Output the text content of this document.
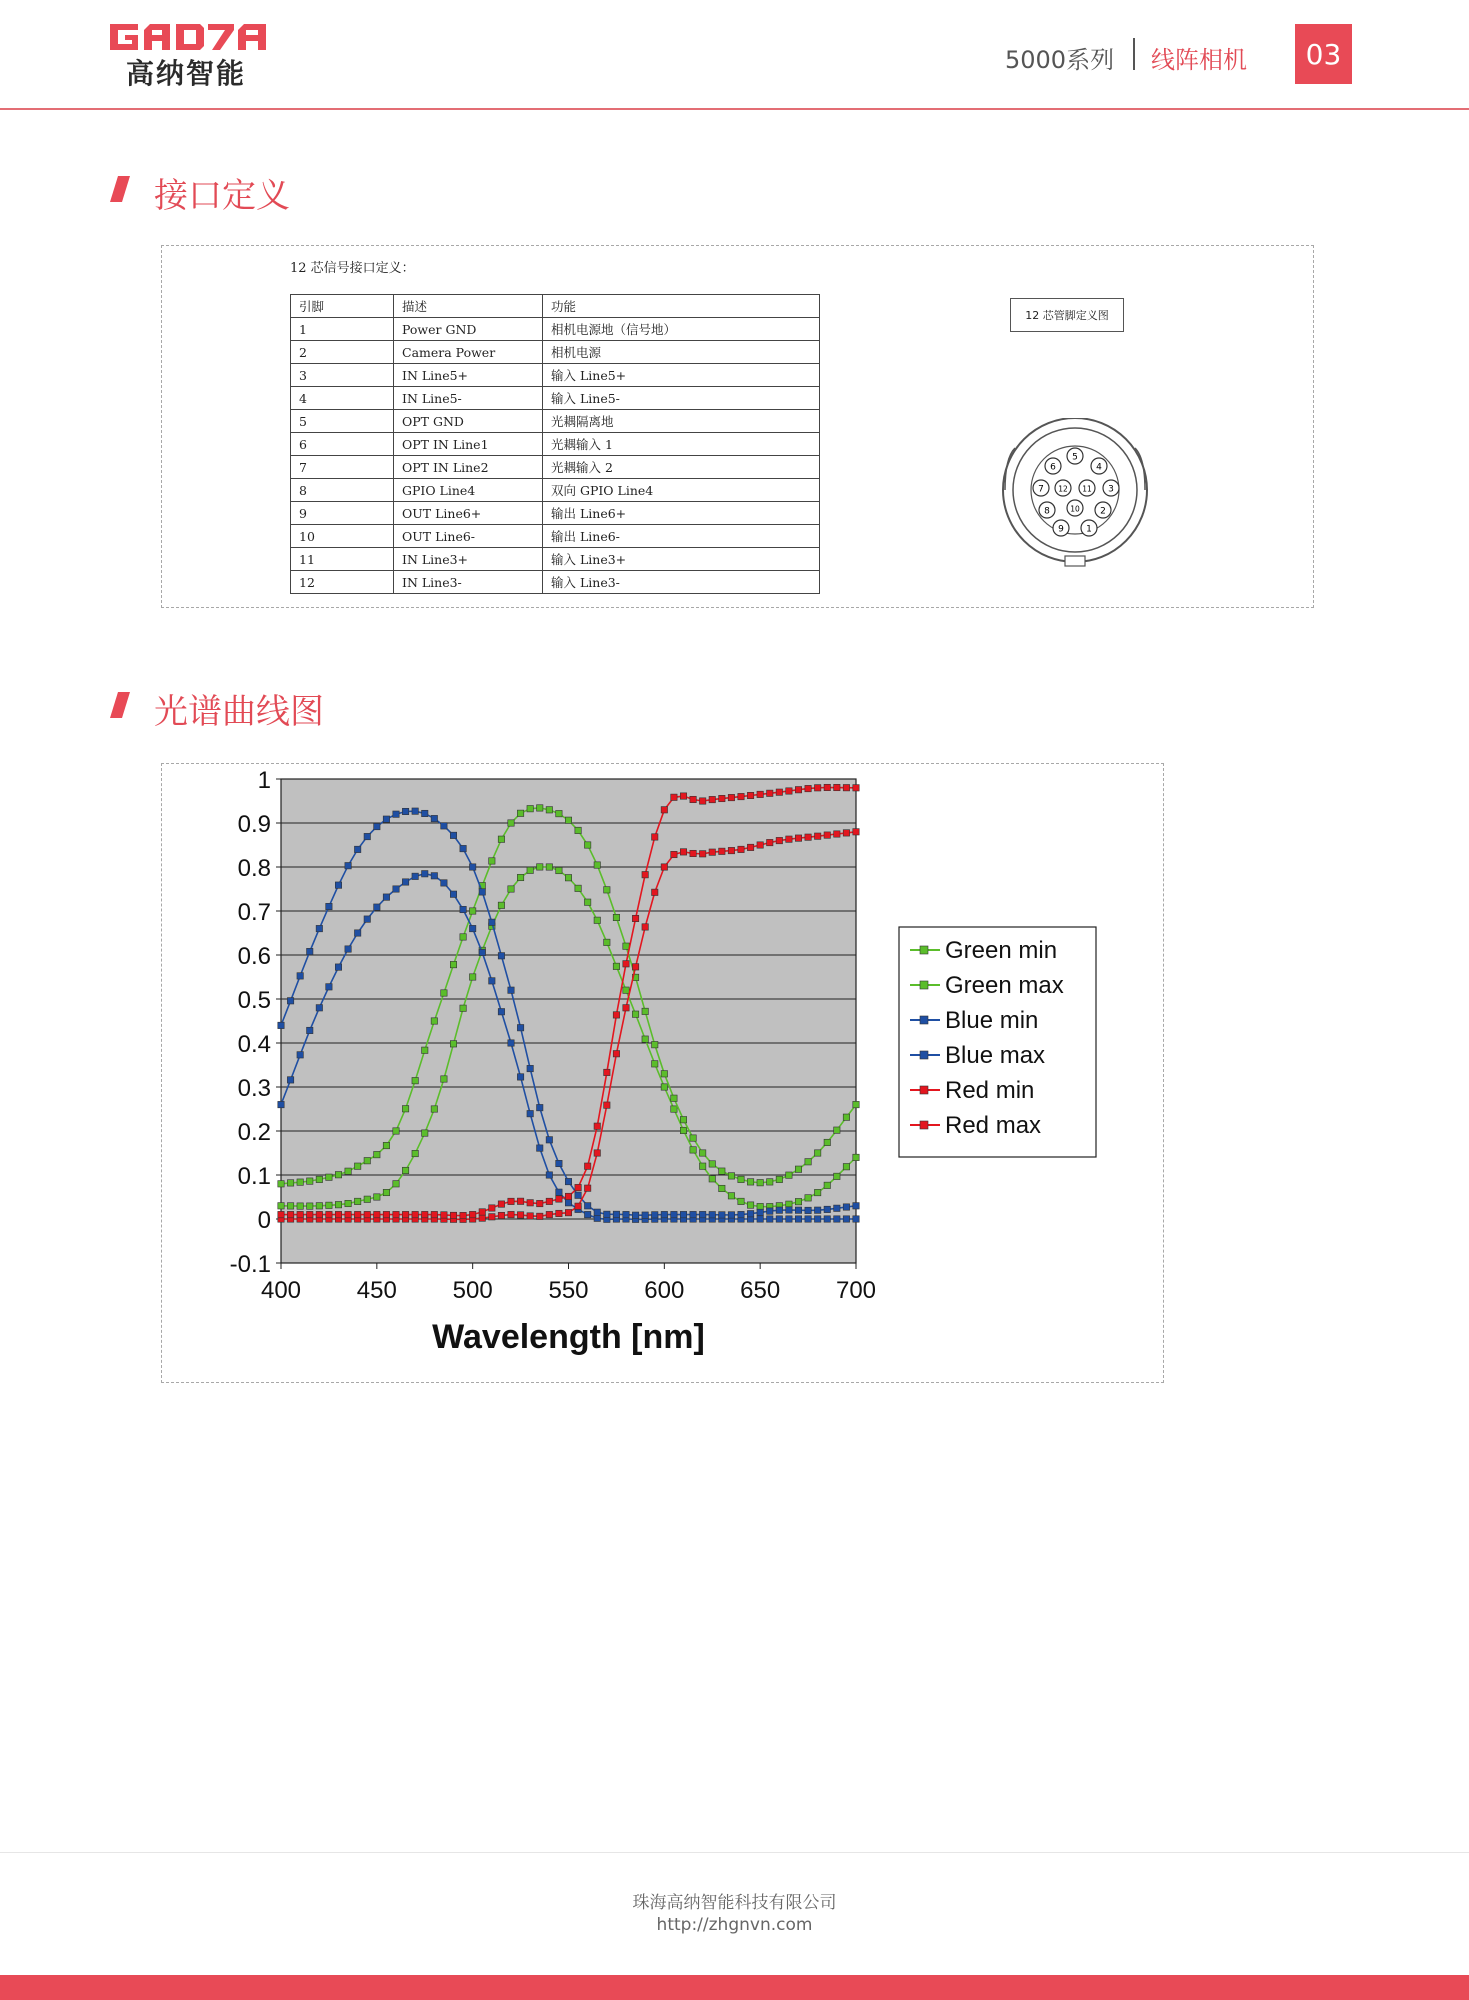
高纳智能	5000系列 线阵相机	03
接口定义
12 芯信号接口定义：
引脚	描述	功能
1	Power GND	相机电源地（信号地）
2	Camera Power	相机电源
3	IN Line5+	输入 Line5+
4	IN Line5-	输入 Line5-
5	OPT GND	光耦隔离地
6	OPT IN Line1	光耦输入 1
7	OPT IN Line2	光耦输入 2
8	GPIO Line4	双向 GPIO Line4
9	OUT Line6+	输出 Line6+
10	OUT Line6-	输出 Line6-
11	IN Line3+	输入 Line3+
12	IN Line3-	输入 Line3-
12 芯管脚定义图
1
2
3
4
5
6
7
8
9
10
11
12
光谱曲线图
-0.1
0
0.1
0.2
0.3
0.4
0.5
0.6
0.7
0.8
0.9
1
400 450 500 550 600 650 700
Wavelength [nm]
Green min
Green max
Blue min
Blue max
Red min
Red max
珠海高纳智能科技有限公司
http://zhgnvn.com
